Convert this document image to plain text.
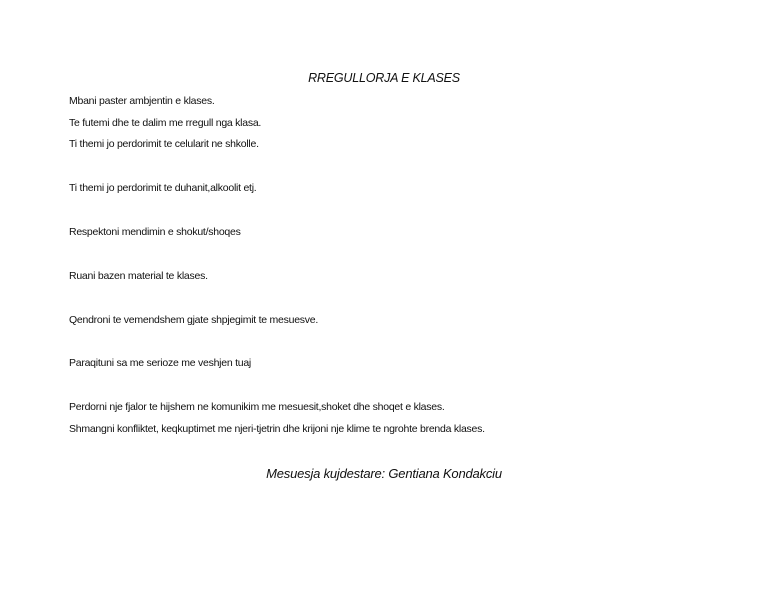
RREGULLORJA E KLASES
Mbani paster ambjentin e klases.
Te futemi dhe te dalim me rregull nga klasa.
Ti themi jo perdorimit te celularit ne shkolle.
Ti themi jo perdorimit te duhanit,alkoolit etj.
Respektoni mendimin e shokut/shoqes
Ruani bazen material te klases.
Qendroni te vemendshem gjate shpjegimit te mesuesve.
Paraqituni sa me serioze me veshjen tuaj
Perdorni nje fjalor te hijshem ne komunikim me mesuesit,shoket dhe shoqet e klases.
Shmangni konfliktet, keqkuptimet me njeri-tjetrin dhe krijoni nje klime te ngrohte brenda klases.
Mesuesja kujdestare: Gentiana Kondakciu
